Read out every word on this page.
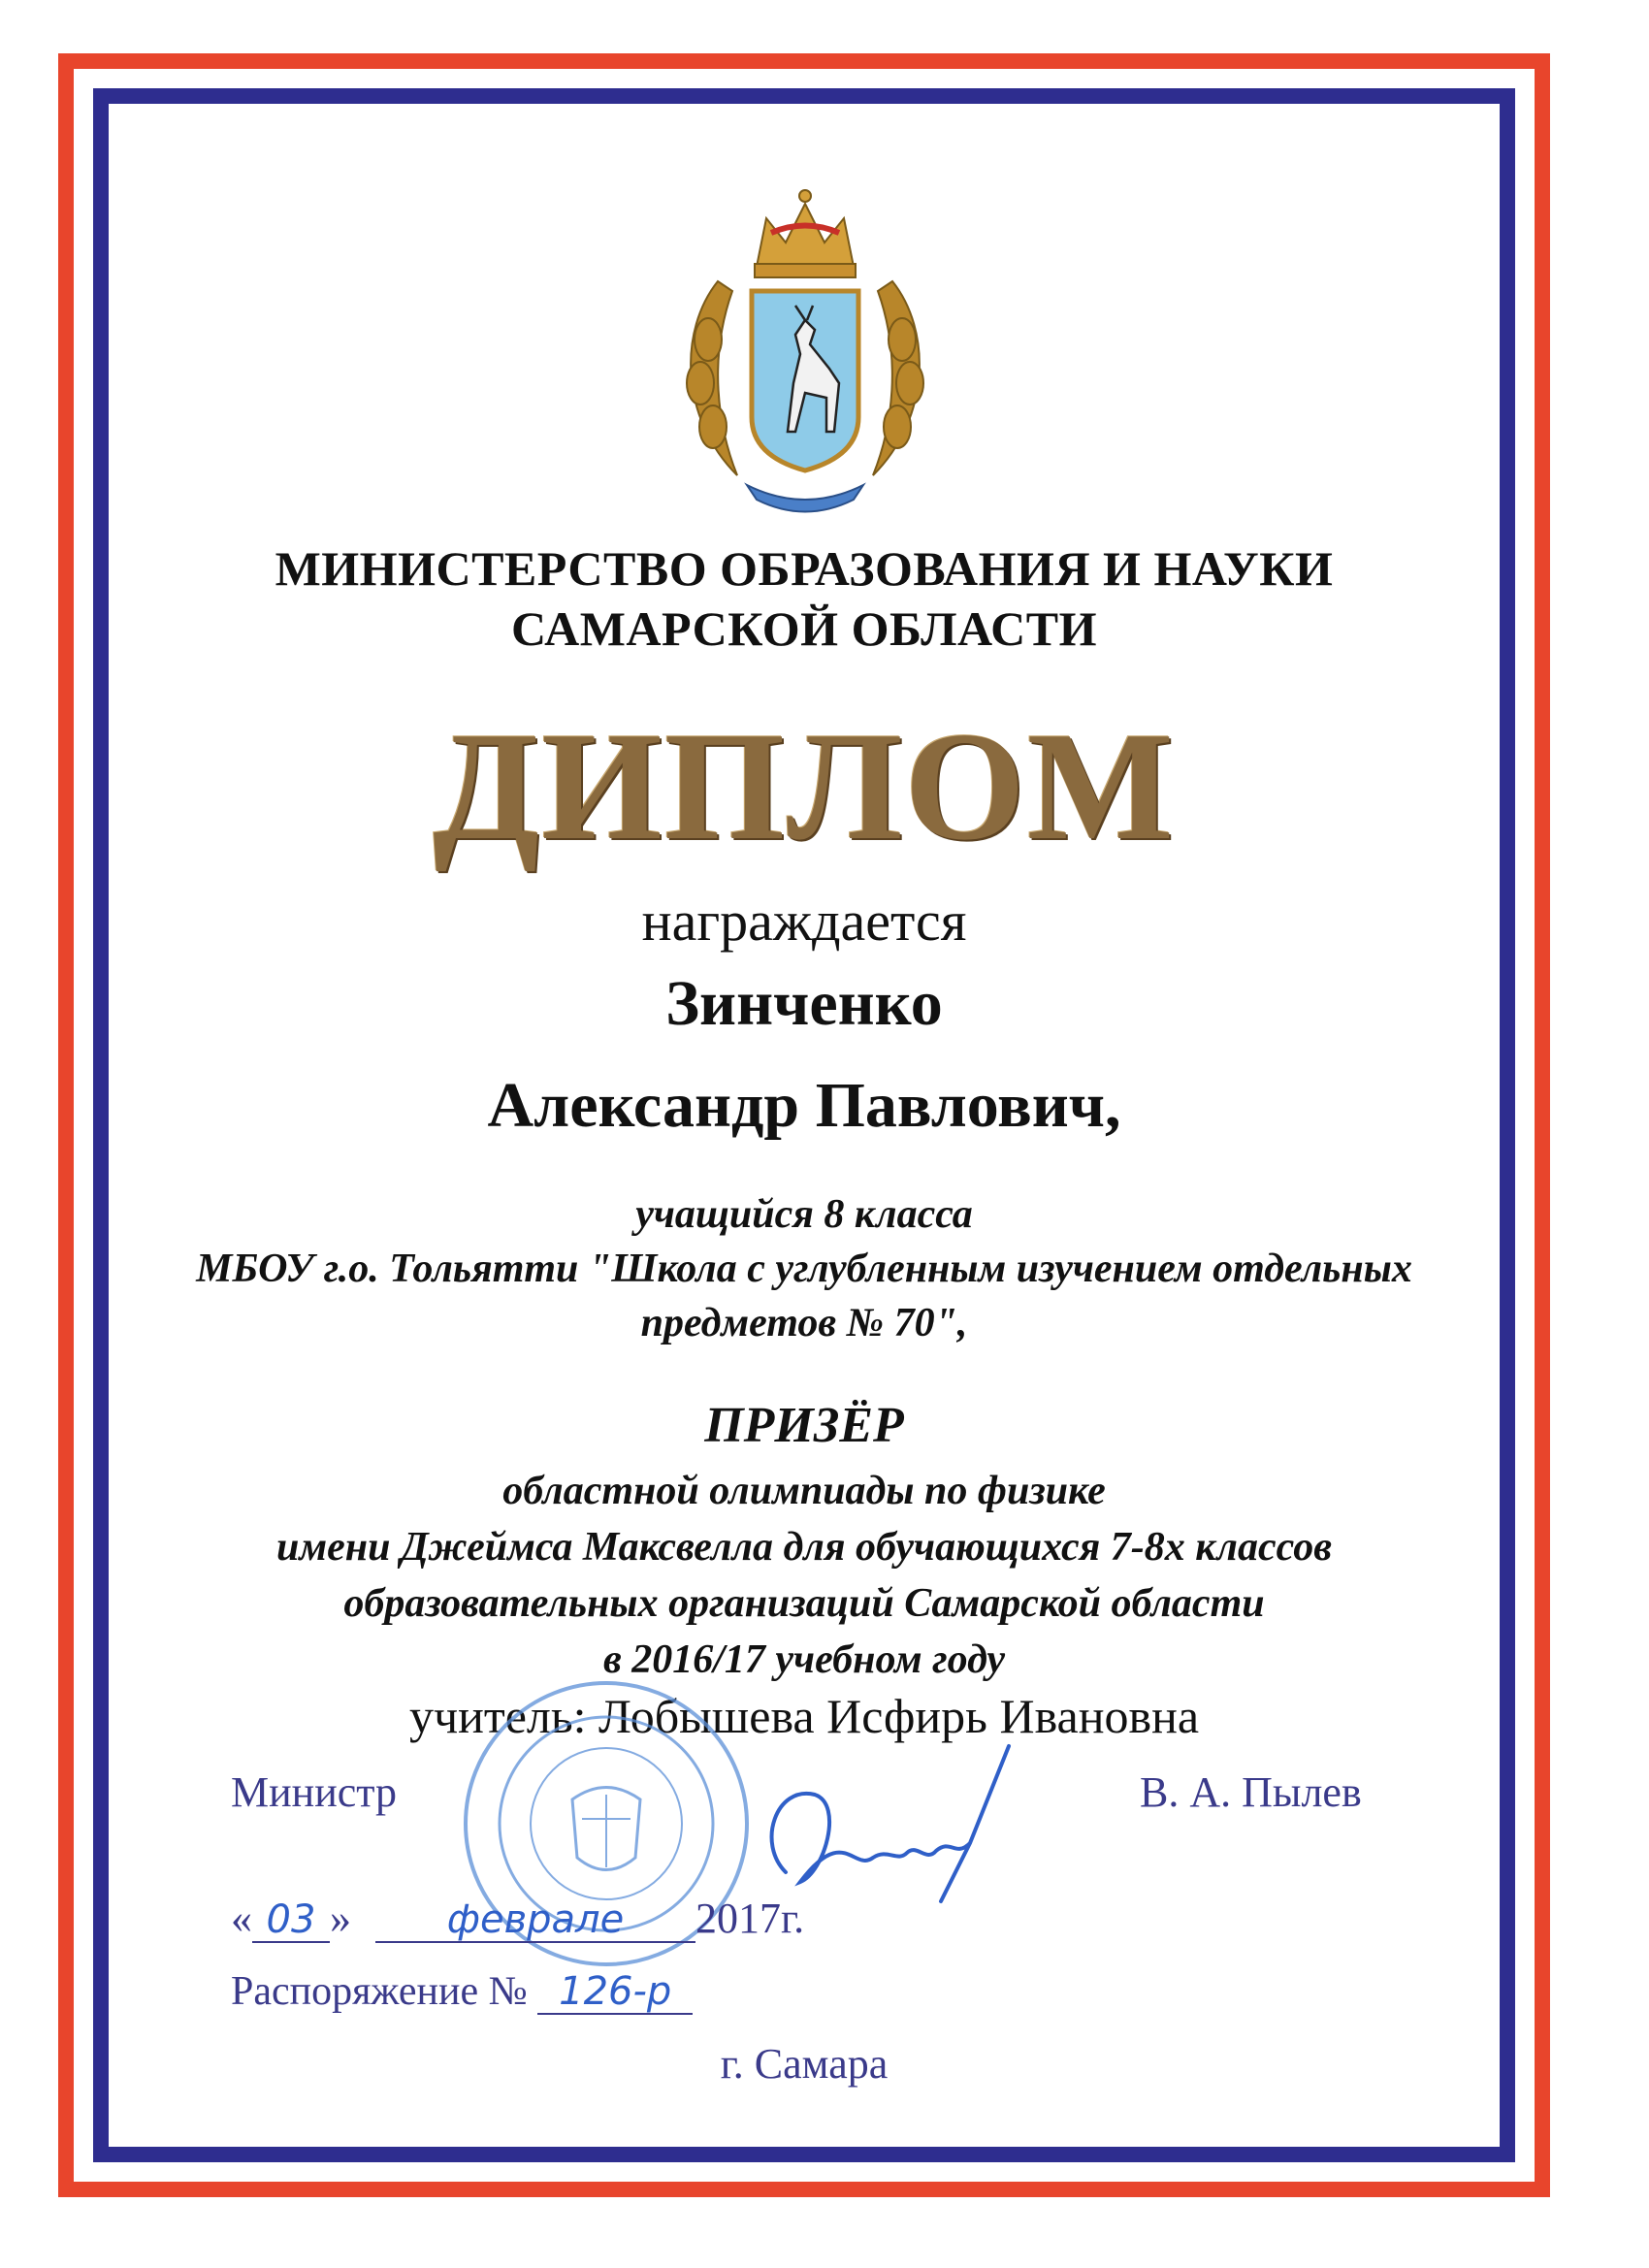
МИНИСТЕРСТВО ОБРАЗОВАНИЯ И НАУКИ
САМАРСКОЙ ОБЛАСТИ
ДИПЛОМ
награждается
Зинченко
Александр Павлович,
учащийся 8 класса
МБОУ г.о. Тольятти "Школа с углубленным изучением отдельных
предметов № 70",
ПРИЗЁР
областной олимпиады по физике
имени Джеймса Максвелла для обучающихся 7-8х классов
образовательных организаций Самарской области
в 2016/17 учебном году
учитель: Лобышева Исфирь Ивановна
Министр	В. А. Пылев
« 03 » феврале 2017г.
Распоряжение № 126-р
г. Самара
